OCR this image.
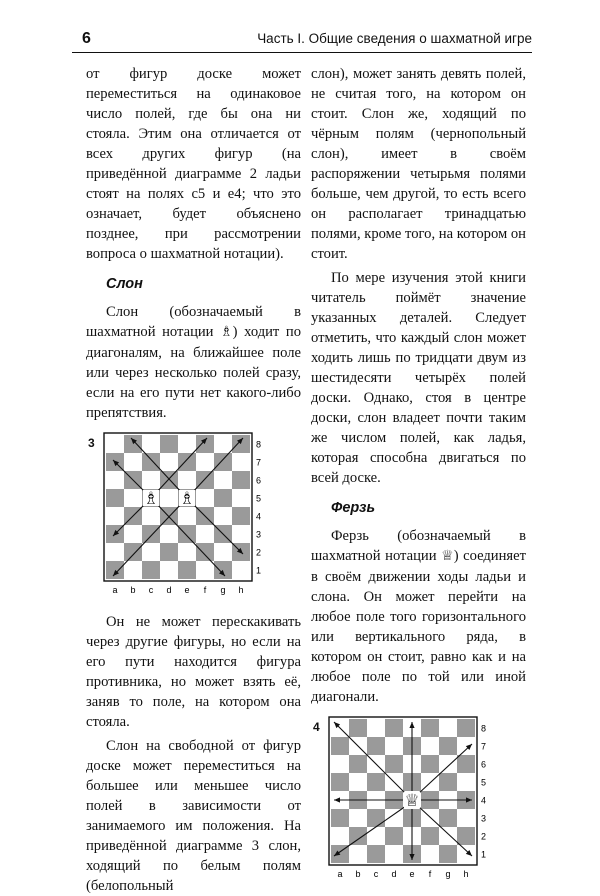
6	Часть I. Общие сведения о шахматной игре

от фигур доске может переместиться на одинаковое число полей, где бы она ни стояла. Этим она отличается от всех других фигур (на приведённой диаграмме 2 ладьи стоят на полях c5 и e4; что это означает, будет объяснено позднее, при рассмотрении вопроса о шахматной нотации).

Слон

Слон (обозначаемый в шахматной нотации ♗) ходит по диагоналям, на ближайшее поле или через несколько полей сразу, если на его пути нет какого-либо препятствия.

3	8
7
6
5
4
3
2
1
a b c d e f g h
♗ ♗

Он не может перескакивать через другие фигуры, но если на его пути находится фигура противника, но может взять её, заняв то поле, на котором она стояла.

Слон на свободной от фигур доске может переместиться на большее или меньшее число полей в зависимости от занимаемого им положения. На приведённой диаграмме 3 слон, ходящий по белым полям (белопольный

слон), может занять девять полей, не считая того, на котором он стоит. Слон же, ходящий по чёрным полям (чернопольный слон), имеет в своём распоряжении четырьмя полями больше, чем другой, то есть всего он располагает тринадцатью полями, кроме того, на котором он стоит.

По мере изучения этой книги читатель поймёт значение указанных деталей. Следует отметить, что каждый слон может ходить лишь по тридцати двум из шестидесяти четырёх полей доски. Однако, стоя в центре доски, слон владеет почти таким же числом полей, как ладья, которая способна двигаться по всей доске.

Ферзь

Ферзь (обозначаемый в шахматной нотации ♕) соединяет в своём движении ходы ладьи и слона. Он может перейти на любое поле того горизонтального или вертикального ряда, в котором он стоит, равно как и на любое поле по той или иной диагонали.

4	8
7
6
5
4
3
2
1
a b c d e f g h
♕
